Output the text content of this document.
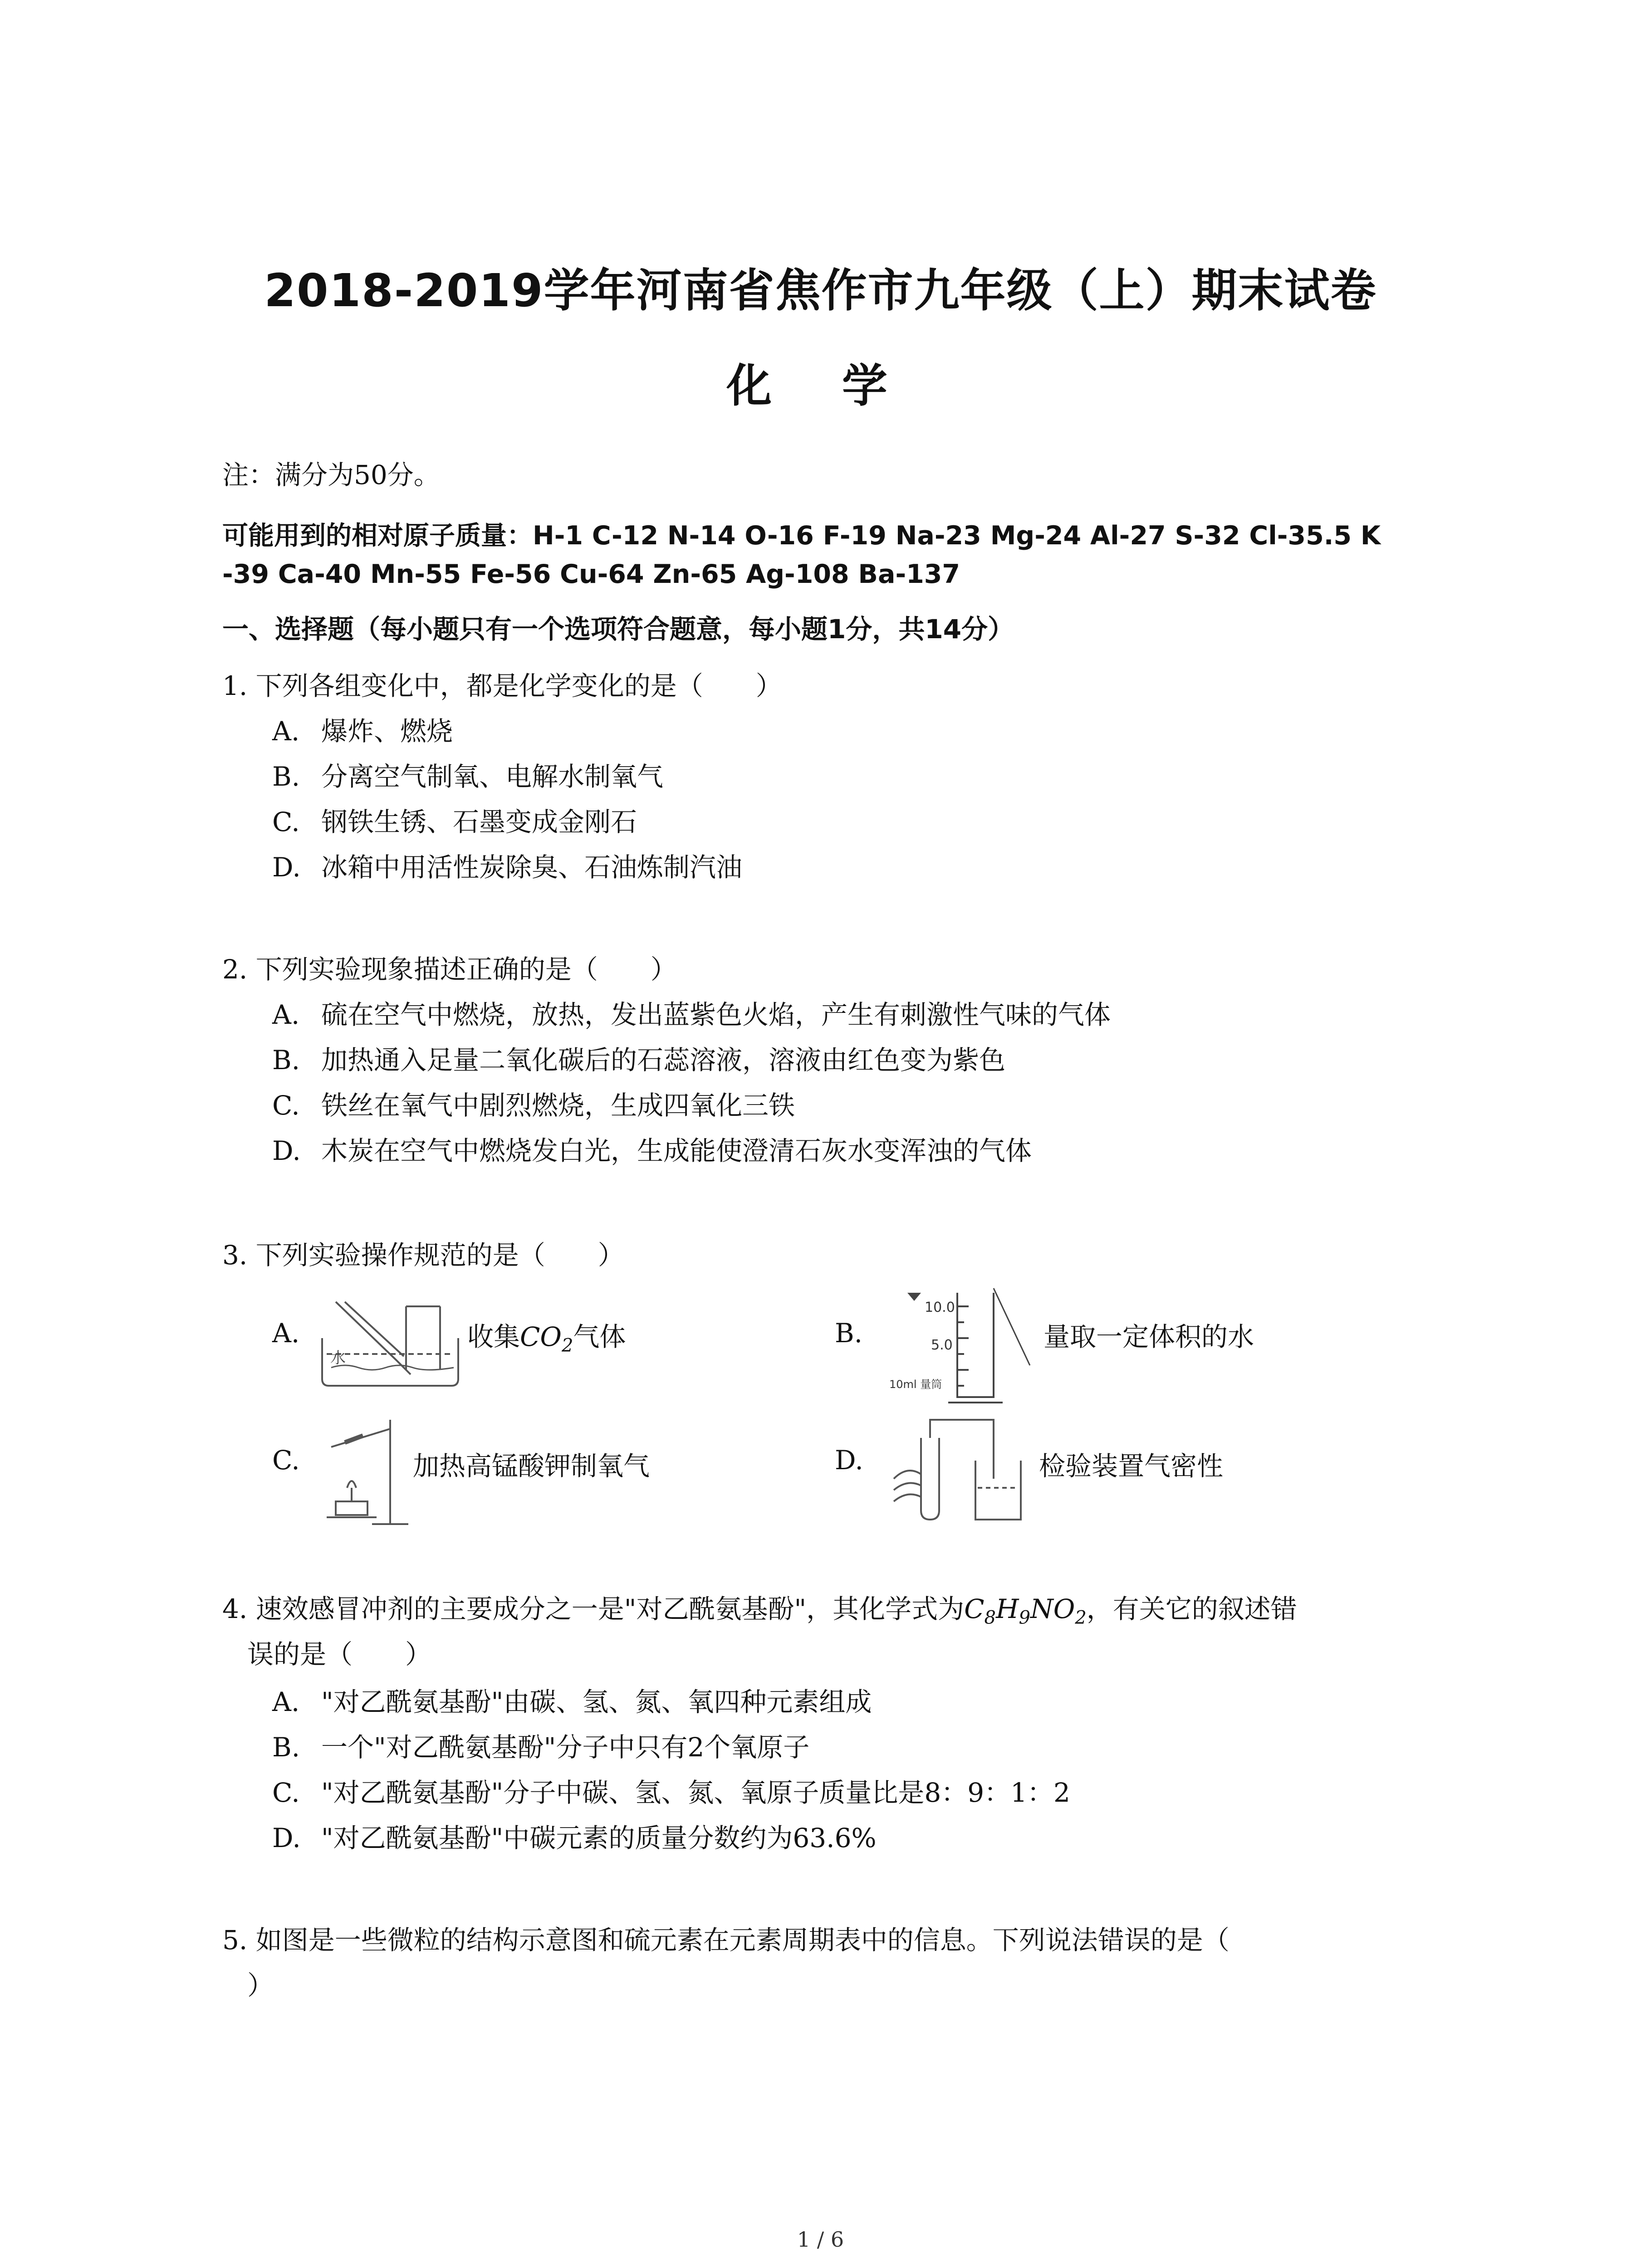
2018-2019学年河南省焦作市九年级（上）期末试卷
化 学
注：满分为50分。
可能用到的相对原子质量：H-1 C-12 N-14 O-16 F-19 Na-23 Mg-24 Al-27 S-32 Cl-35.5 K
-39 Ca-40 Mn-55 Fe-56 Cu-64 Zn-65 Ag-108 Ba-137
一、选择题（每小题只有一个选项符合题意，每小题1分，共14分）
1. 下列各组变化中，都是化学变化的是（　　）
A. 爆炸、燃烧
B. 分离空气制氧、电解水制氧气
C. 钢铁生锈、石墨变成金刚石
D. 冰箱中用活性炭除臭、石油炼制汽油
2. 下列实验现象描述正确的是（　　）
A. 硫在空气中燃烧，放热，发出蓝紫色火焰，产生有刺激性气味的气体
B. 加热通入足量二氧化碳后的石蕊溶液，溶液由红色变为紫色
C. 铁丝在氧气中剧烈燃烧，生成四氧化三铁
D. 木炭在空气中燃烧发白光，生成能使澄清石灰水变浑浊的气体
3. 下列实验操作规范的是（　　）
A.
水
收集$CO_2$气体	B.
10.0
5.0
10ml 量筒
量取一定体积的水
C.	加热高锰酸钾制氧气	D.	检验装置气密性
4. 速效感冒冲剂的主要成分之一是"对乙酰氨基酚"，其化学式为$C_8H_9NO_2$，有关它的叙述错
误的是（　　）
A. "对乙酰氨基酚"由碳、氢、氮、氧四种元素组成
B. 一个"对乙酰氨基酚"分子中只有2个氧原子
C. "对乙酰氨基酚"分子中碳、氢、氮、氧原子质量比是8：9：1：2
D. "对乙酰氨基酚"中碳元素的质量分数约为63.6%
5. 如图是一些微粒的结构示意图和硫元素在元素周期表中的信息。下列说法错误的是（
）
1 / 6
